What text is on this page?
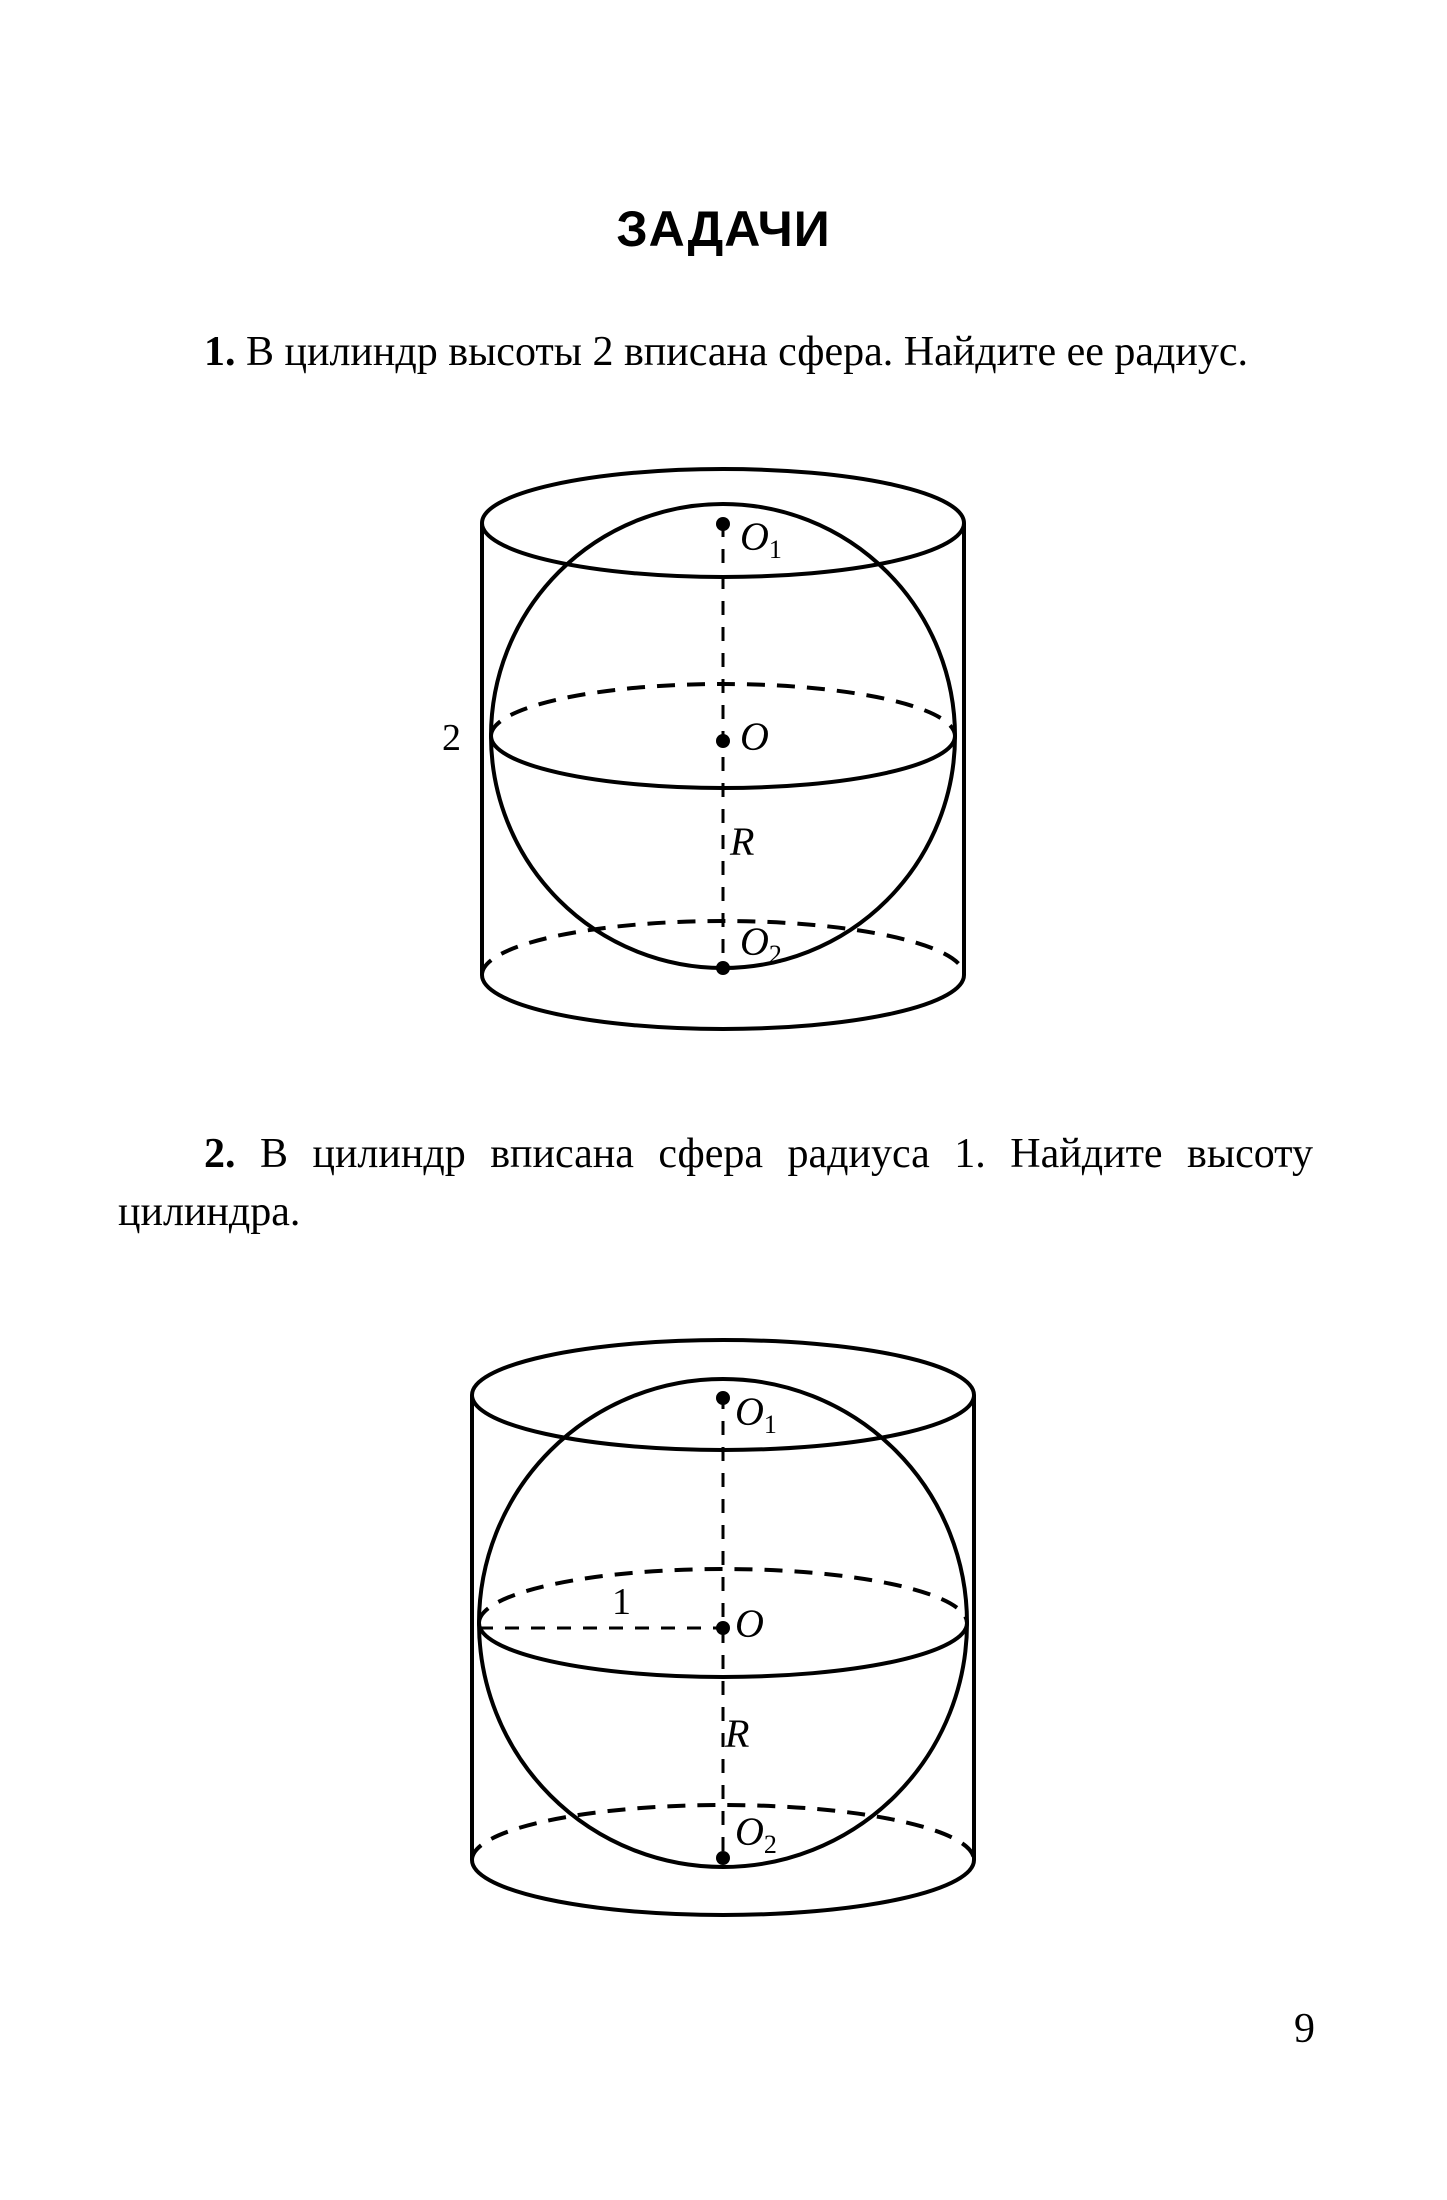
ЗАДАЧИ

1. В цилиндр высоты 2 вписана сфера. Найдите ее радиус.

$O_1$
O
R
$O_2$
2

2. В цилиндр вписана сфера радиуса 1. Найдите высоту цилиндра.

$O_1$
O
R
$O_2$
1

9
